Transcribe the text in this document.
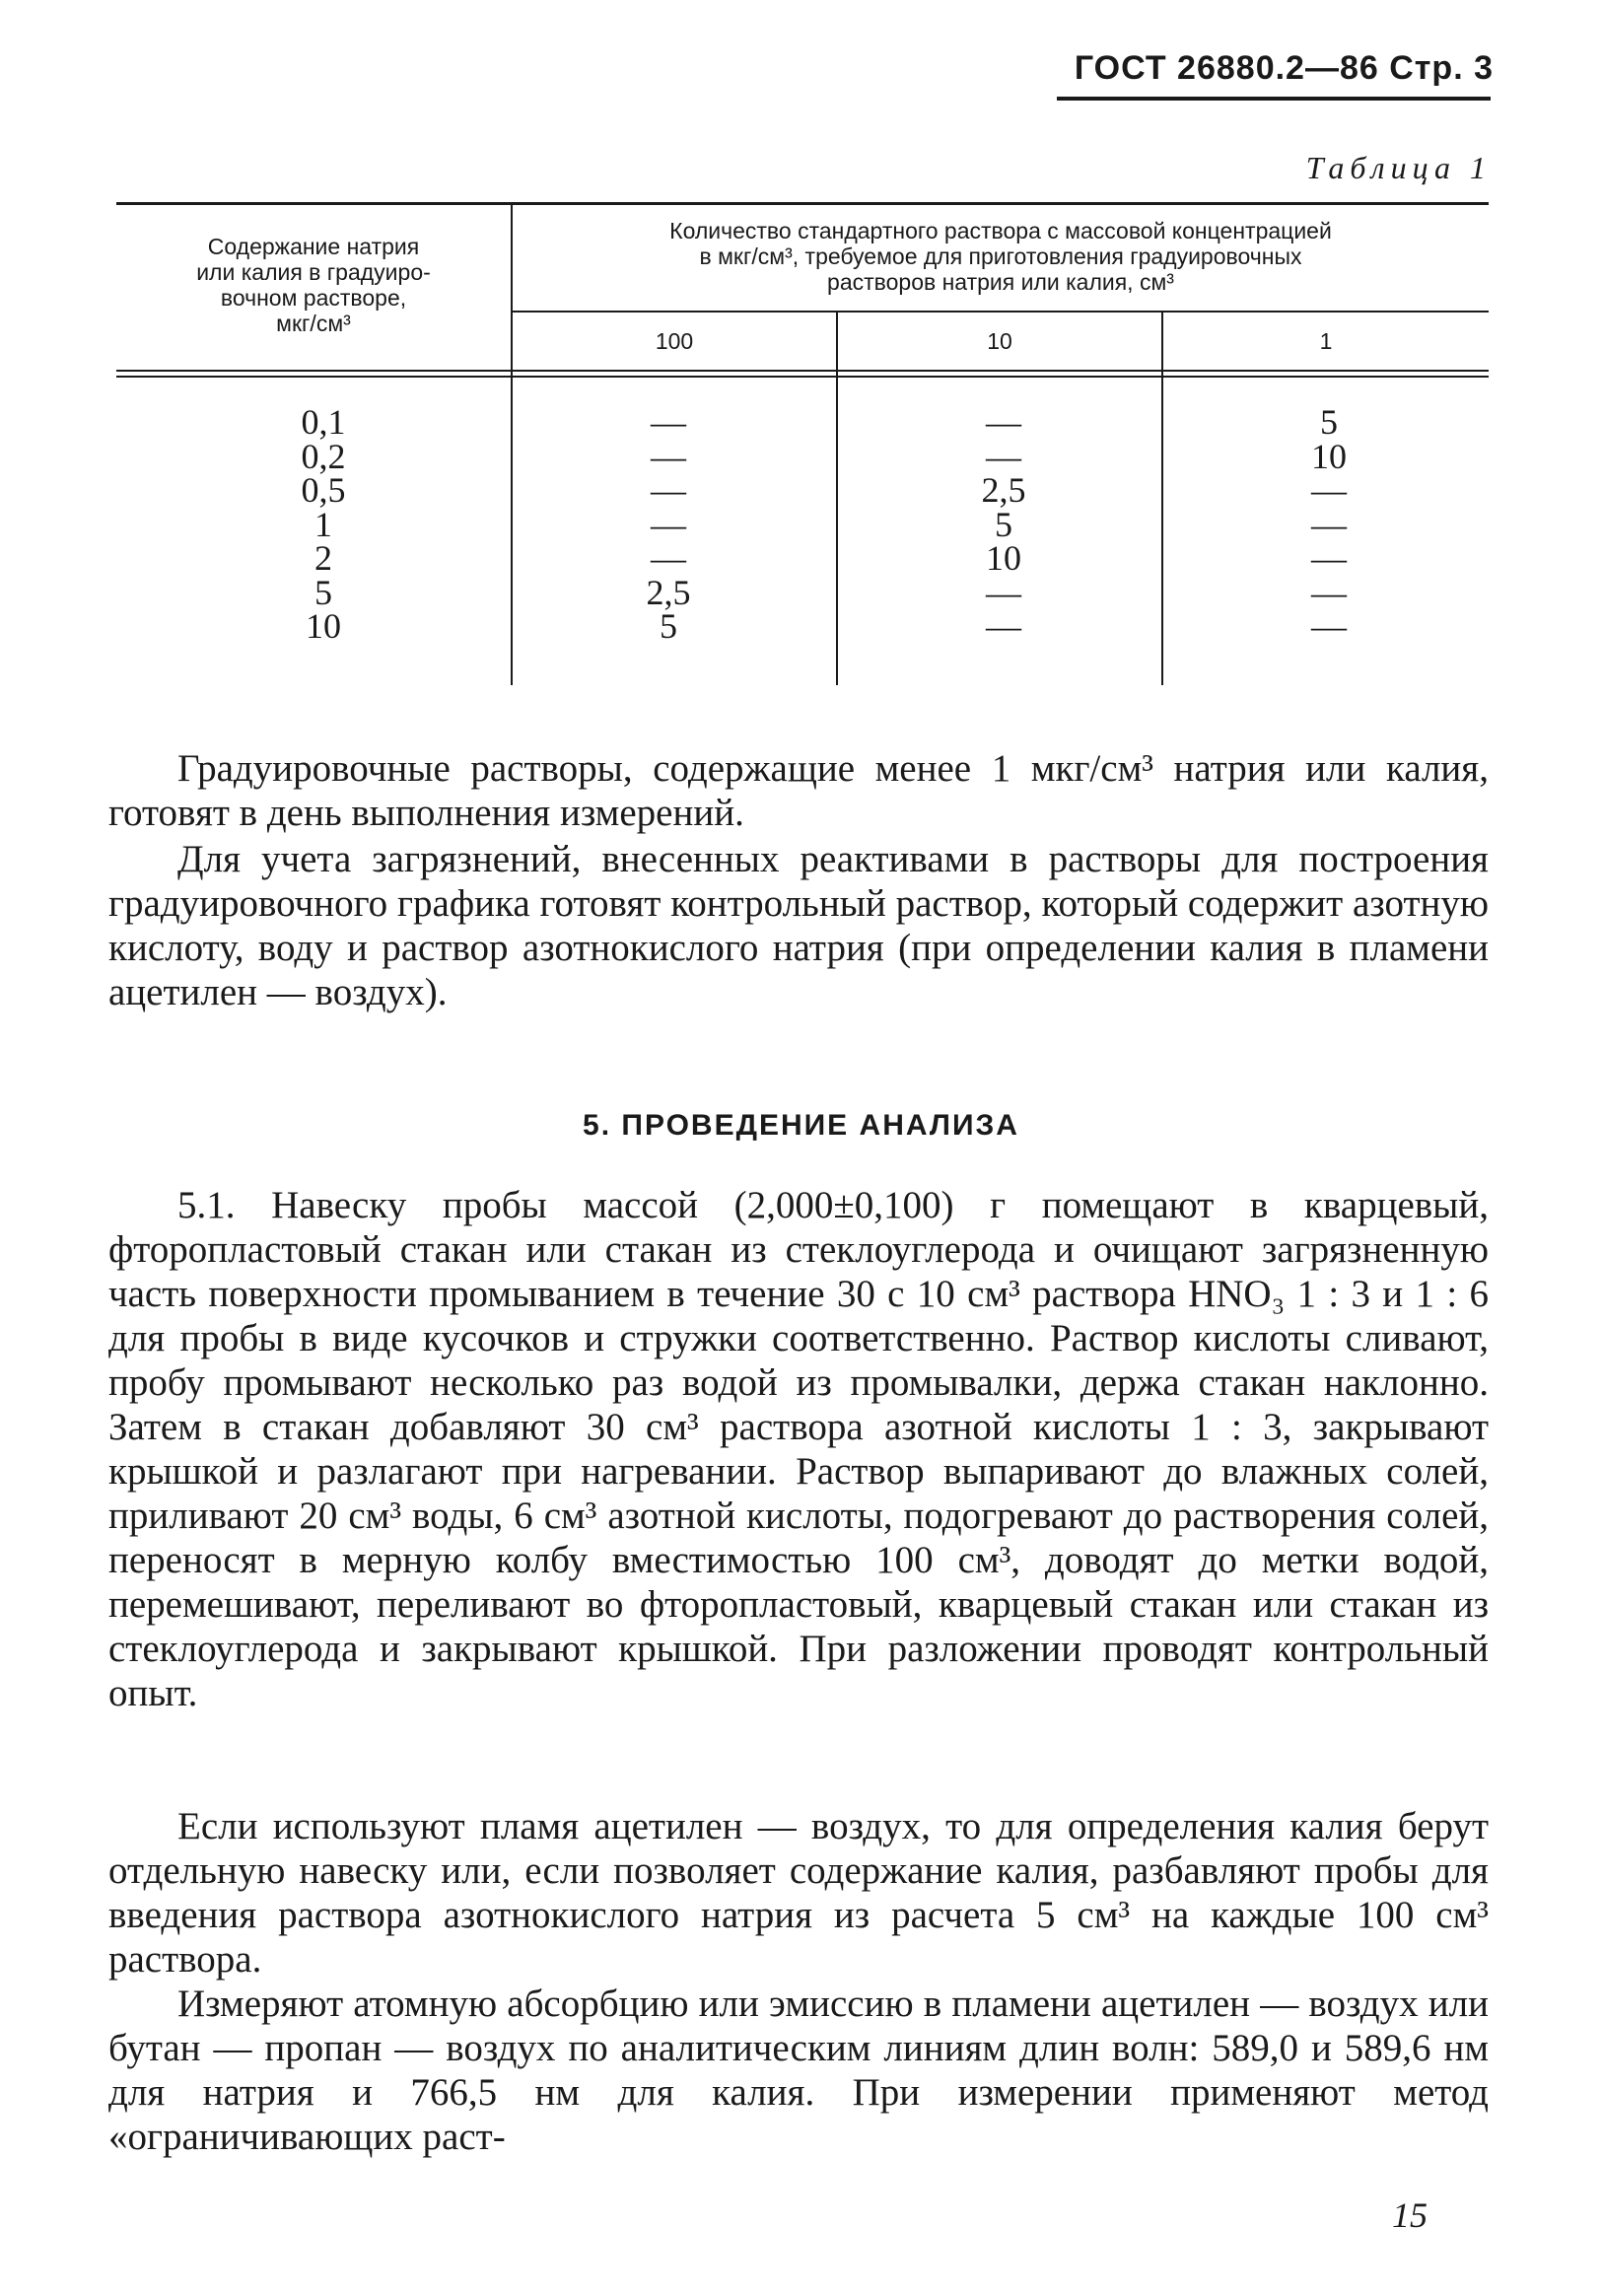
ГОСТ 26880.2—86 Стр. 3
Таблица 1
Содержание натрия
или калия в градуиро-
вочном растворе,
мкг/см³
Количество стандартного раствора с массовой концентрацией
в мкг/см³, требуемое для приготовления градуировочных
растворов натрия или калия, см³
100	10	1
0,1
0,2
0,5
1
2
5
10
—
—
—
—
—
2,5
5
—
—
2,5
5
10
—
—
5
10
—
—
—
—
—

Градуировочные растворы, содержащие менее 1 мкг/см³ натрия или калия, готовят в день выполнения измерений.

Для учета загрязнений, внесенных реактивами в растворы для построения градуировочного графика готовят контрольный раствор, который содержит азотную кислоту, воду и раствор азотнокислого натрия (при определении калия в пламени ацетилен — воздух).

5. ПРОВЕДЕНИЕ АНАЛИЗА

5.1. Навеску пробы массой (2,000±0,100) г помещают в кварцевый, фторопластовый стакан или стакан из стеклоуглерода и очищают загрязненную часть поверхности промыванием в течение 30 с 10 см³ раствора HNO₃ 1 : 3 и 1 : 6 для пробы в виде кусочков и стружки соответственно. Раствор кислоты сливают, пробу промывают несколько раз водой из промывалки, держа стакан наклонно. Затем в стакан добавляют 30 см³ раствора азотной кислоты 1 : 3, закрывают крышкой и разлагают при нагревании. Раствор выпаривают до влажных солей, приливают 20 см³ воды, 6 см³ азотной кислоты, подогревают до растворения солей, переносят в мерную колбу вместимостью 100 см³, доводят до метки водой, перемешивают, переливают во фторопластовый, кварцевый стакан или стакан из стеклоуглерода и закрывают крышкой. При разложении проводят контрольный опыт.

Если используют пламя ацетилен — воздух, то для определения калия берут отдельную навеску или, если позволяет содержание калия, разбавляют пробы для введения раствора азотнокислого натрия из расчета 5 см³ на каждые 100 см³ раствора.

Измеряют атомную абсорбцию или эмиссию в пламени ацетилен — воздух или бутан — пропан — воздух по аналитическим линиям длин волн: 589,0 и 589,6 нм для натрия и 766,5 нм для калия. При измерении применяют метод «ограничивающих раст-

15
